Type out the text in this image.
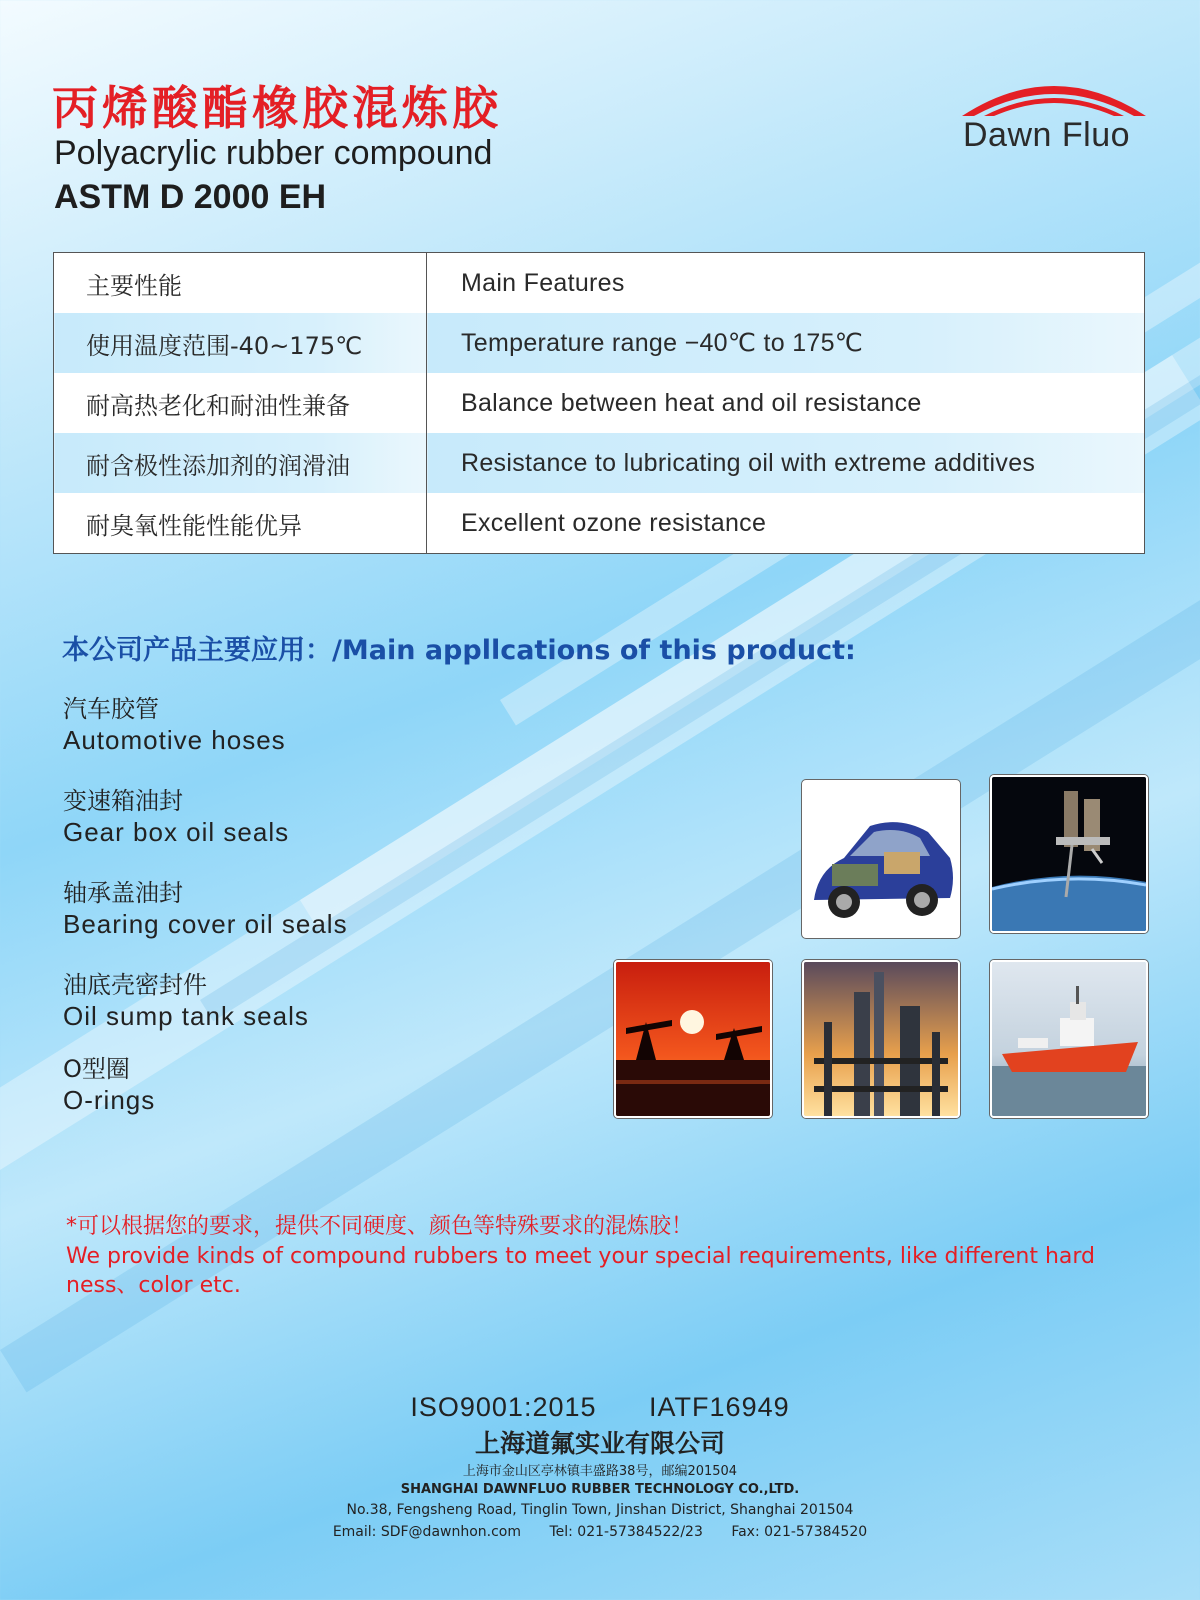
丙烯酸酯橡胶混炼胶
Polyacrylic rubber compound
ASTM D 2000 EH
Dawn Fluo
主要性能	Main Features
使用温度范围-40~175℃	Temperature range −40℃ to 175℃
耐高热老化和耐油性兼备	Balance between heat and oil resistance
耐含极性添加剂的润滑油	Resistance to lubricating oil with extreme additives
耐臭氧性能性能优异	Excellent ozone resistance
本公司产品主要应用：/Main appllcations of this product:
汽车胶管
Automotive hoses
变速箱油封
Gear box oil seals
轴承盖油封
Bearing cover oil seals
油底壳密封件
Oil sump tank seals
O型圈
O-rings
*可以根据您的要求，提供不同硬度、颜色等特殊要求的混炼胶！
We provide kinds of compound rubbers to meet your special requirements, like different hard ness、color etc.
ISO9001:2015 IATF16949
上海道氟实业有限公司
上海市金山区亭林镇丰盛路38号，邮编201504
SHANGHAI DAWNFLUO RUBBER TECHNOLOGY CO.,LTD.
No.38, Fengsheng Road, Tinglin Town, Jinshan District, Shanghai 201504
Email: SDF@dawnhon.com Tel: 021-57384522/23 Fax: 021-57384520
